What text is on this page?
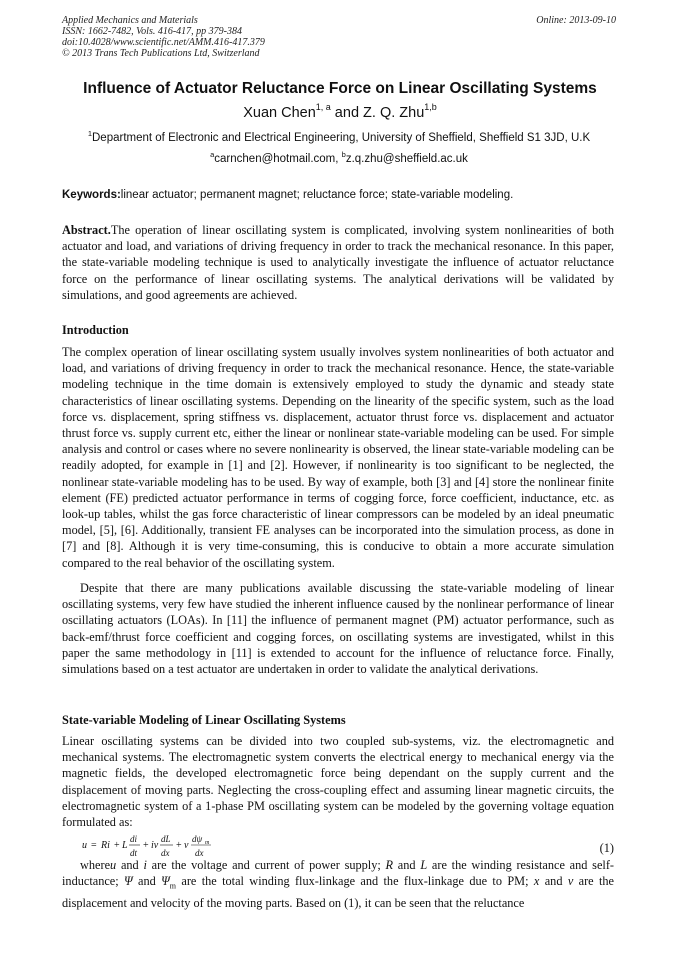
Applied Mechanics and Materials
ISSN: 1662-7482, Vols. 416-417, pp 379-384
doi:10.4028/www.scientific.net/AMM.416-417.379
© 2013 Trans Tech Publications Ltd, Switzerland
Online: 2013-09-10
Influence of Actuator Reluctance Force on Linear Oscillating Systems
Xuan Chen$^{1, a}$ and Z. Q. Zhu$^{1,b}$
$^1$Department of Electronic and Electrical Engineering, University of Sheffield, Sheffield S1 3JD, U.K
$^a$carnchen@hotmail.com, $^b$z.q.zhu@sheffield.ac.uk
Keywords:linear actuator; permanent magnet; reluctance force; state-variable modeling.
Abstract.The operation of linear oscillating system is complicated, involving system nonlinearities of both actuator and load, and variations of driving frequency in order to track the mechanical resonance. In this paper, the state-variable modeling technique is used to analytically investigate the influence of actuator reluctance force on the performance of linear oscillating systems. The analytical derivations will be validated by simulations, and good agreements are achieved.
Introduction
The complex operation of linear oscillating system usually involves system nonlinearities of both actuator and load, and variations of driving frequency in order to track the mechanical resonance. Hence, the state-variable modeling technique in the time domain is extensively employed to study the dynamic and steady state characteristics of linear oscillating systems. Depending on the linearity of the specific system, such as the load force vs. displacement, spring stiffness vs. displacement, actuator thrust force vs. displacement and actuator thrust force vs. supply current etc, either the linear or nonlinear state-variable modeling can be used. For simple analysis and control or cases where no severe nonlinearity is observed, the linear state-variable modeling can be readily adopted, for example in [1] and [2]. However, if nonlinearity is too significant to be neglected, the nonlinear state-variable modeling has to be used. By way of example, both [3] and [4] store the nonlinear finite element (FE) predicted actuator performance in terms of cogging force, force coefficient, inductance, etc. as look-up tables, whilst the gas force characteristic of linear compressors can be modeled by an ideal pneumatic model, [5], [6]. Additionally, transient FE analyses can be incorporated into the simulation process, as done in [7] and [8]. Although it is very time-consuming, this is conducive to obtain a more accurate simulation compared to the real behavior of the oscillating system.
Despite that there are many publications available discussing the state-variable modeling of linear oscillating systems, very few have studied the inherent influence caused by the nonlinear performance of linear oscillating actuators (LOAs). In [11] the influence of permanent magnet (PM) actuator performance, such as back-emf/thrust force coefficient and cogging forces, on oscillating systems are investigated, whilst in this paper the same methodology in [11] is extended to account for the influence of reluctance force. Finally, simulations based on a test actuator are undertaken in order to validate the analytical derivations.
State-variable Modeling of Linear Oscillating Systems
Linear oscillating systems can be divided into two coupled sub-systems, viz. the electromagnetic and mechanical systems. The electromagnetic system converts the electrical energy to mechanical energy via the magnetic fields, the developed electromagnetic force being dependant on the supply current and the displacement of moving parts. Neglecting the cross-coupling effect and assuming linear magnetic circuits, the electromagnetic system of a 1-phase PM oscillating system can be modeled by the governing voltage equation formulated as:
u = Ri + L
di
dt
+ iv
dL
dx
+ v
dψ m
dx	(1)
whereu and i are the voltage and current of power supply; R and L are the winding resistance and self-inductance; Ψ and $\Psi_m$ are the total winding flux-linkage and the flux-linkage due to PM; x and v are the displacement and velocity of the moving parts. Based on (1), it can be seen that the reluctance
